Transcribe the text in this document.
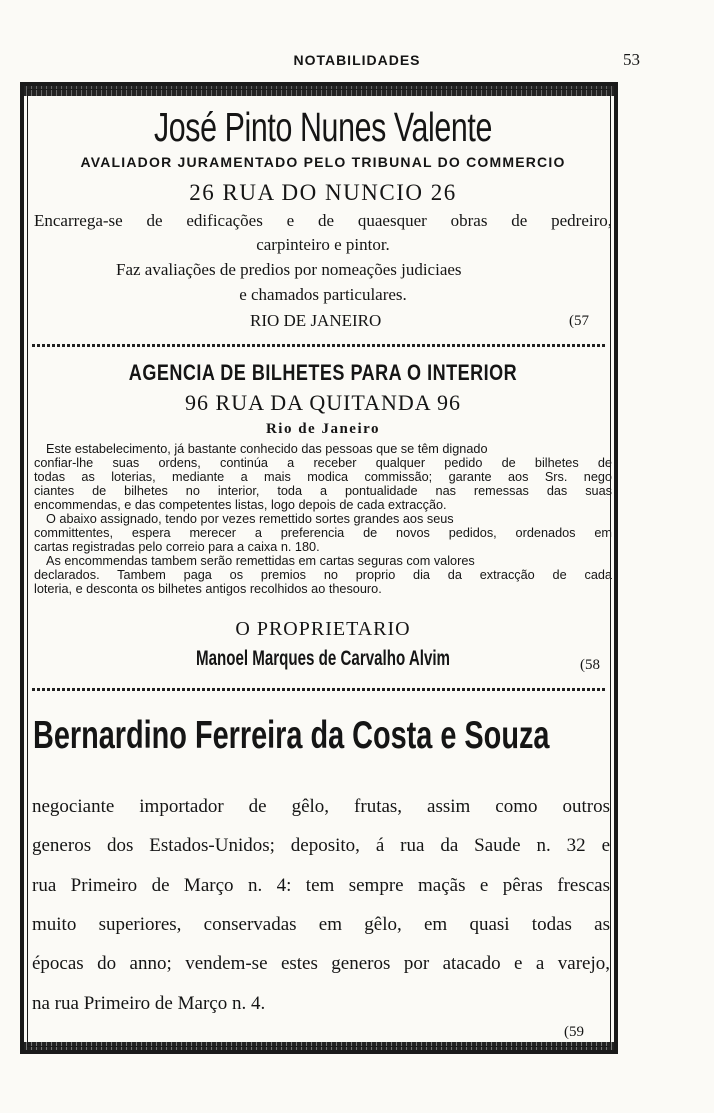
NOTABILIDADES	53
José Pinto Nunes Valente
AVALIADOR JURAMENTADO PELO TRIBUNAL DO COMMERCIO
26 RUA DO NUNCIO 26
Encarrega-se de edificações e de quaesquer obras de pedreiro,
carpinteiro e pintor.
Faz avaliações de predios por nomeações judiciaes
e chamados particulares.
RIO DE JANEIRO	(57
AGENCIA DE BILHETES PARA O INTERIOR
96 RUA DA QUITANDA 96
Rio de Janeiro
Este estabelecimento, já bastante conhecido das pessoas que se têm dignado
confiar-lhe suas ordens, continúa a receber qualquer pedido de bilhetes de
todas as loterias, mediante a mais modica commissão; garante aos Srs. nego
ciantes de bilhetes no interior, toda a pontualidade nas remessas das suas
encommendas, e das competentes listas, logo depois de cada extracção.
O abaixo assignado, tendo por vezes remettido sortes grandes aos seus
committentes, espera merecer a preferencia de novos pedidos, ordenados em
cartas registradas pelo correio para a caixa n. 180.
As encommendas tambem serão remettidas em cartas seguras com valores
declarados. Tambem paga os premios no proprio dia da extracção de cada
loteria, e desconta os bilhetes antigos recolhidos ao thesouro.
O PROPRIETARIO
Manoel Marques de Carvalho Alvim	(58
Bernardino Ferreira da Costa e Souza
negociante importador de gêlo, frutas, assim como outros
generos dos Estados-Unidos; deposito, á rua da Saude n. 32 e
rua Primeiro de Março n. 4: tem sempre maçãs e pêras frescas
muito superiores, conservadas em gêlo, em quasi todas as
épocas do anno; vendem-se estes generos por atacado e a varejo,
na rua Primeiro de Março n. 4.
(59
